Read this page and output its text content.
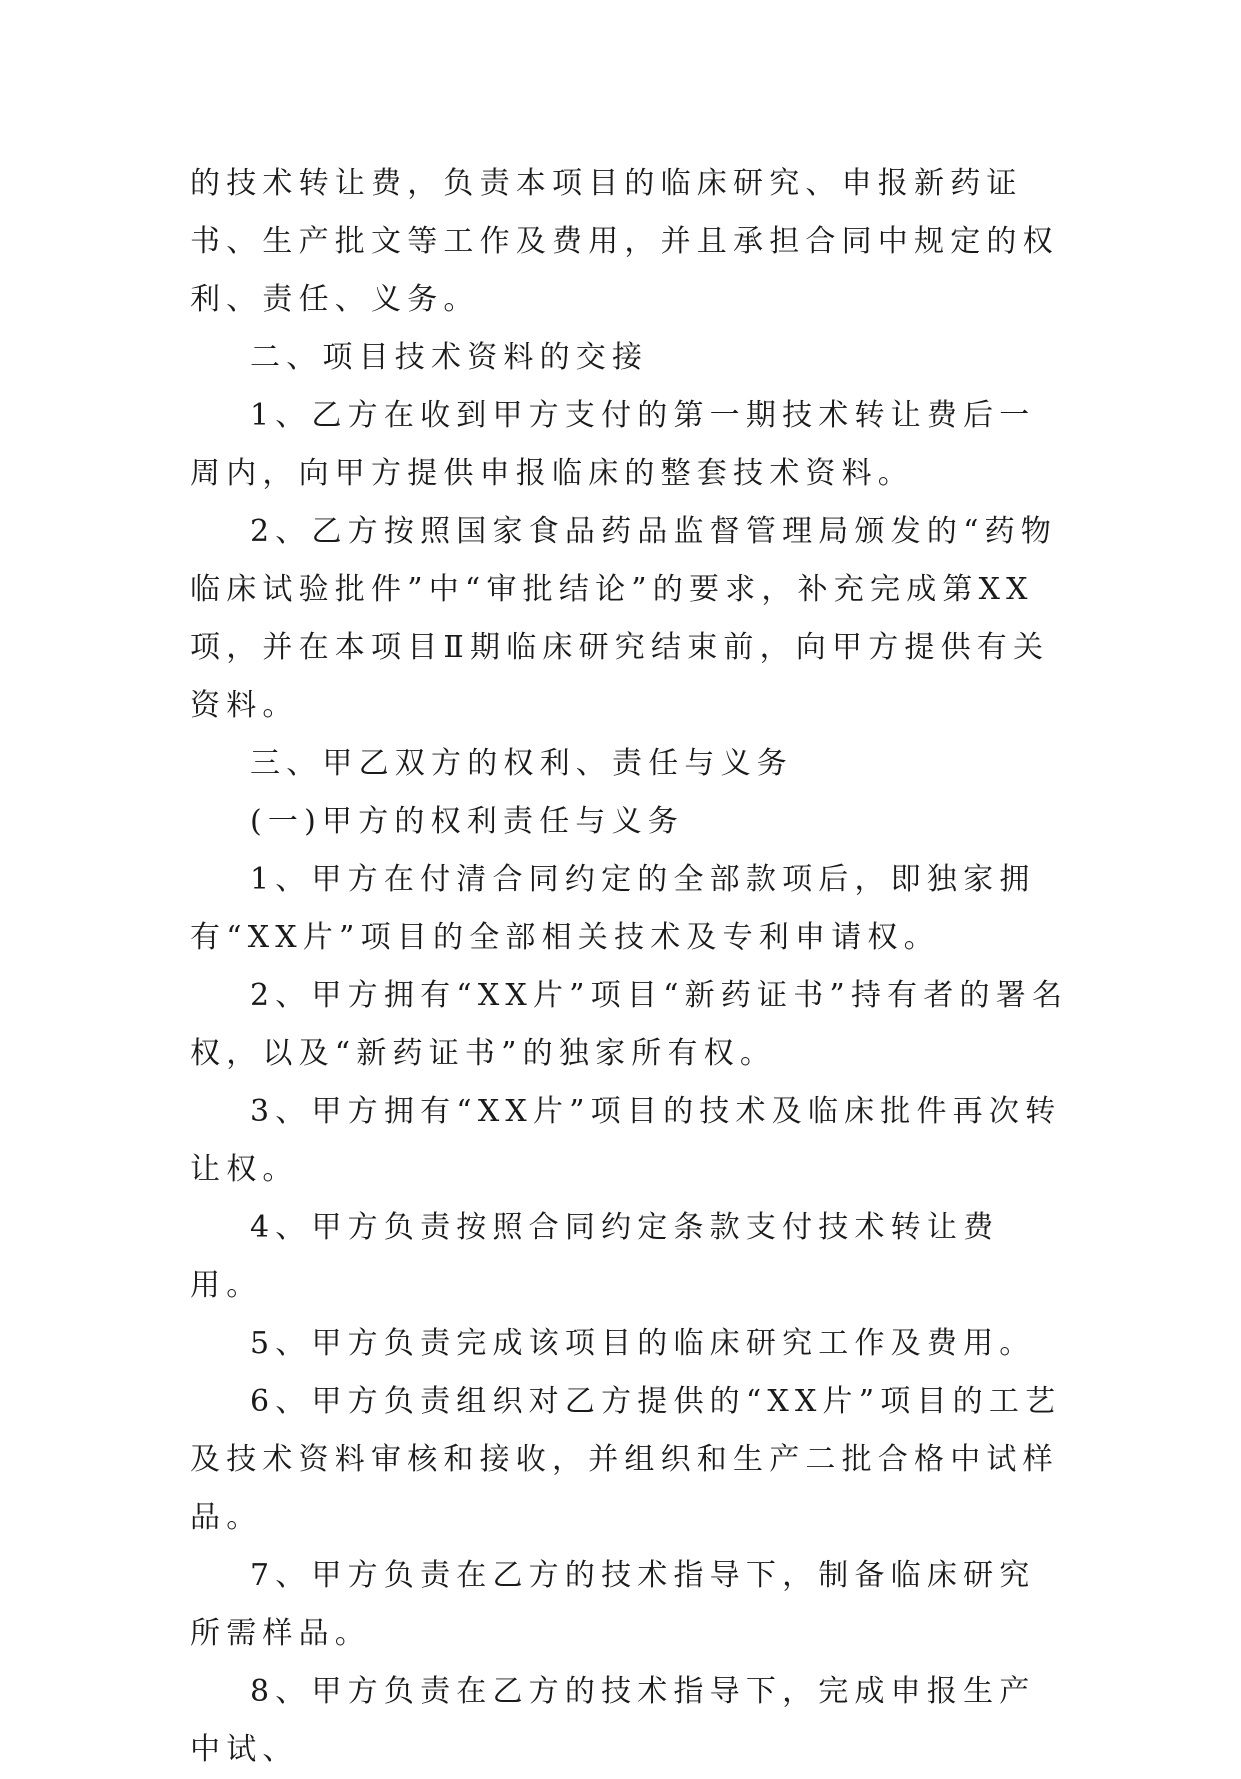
的技术转让费，负责本项目的临床研究、申报新药证书、生产批文等工作及费用，并且承担合同中规定的权利、责任、义务。

二、项目技术资料的交接

1、乙方在收到甲方支付的第一期技术转让费后一周内，向甲方提供申报临床的整套技术资料。

2、乙方按照国家食品药品监督管理局颁发的“药物临床试验批件”中“审批结论”的要求，补充完成第XX项，并在本项目Ⅱ期临床研究结束前，向甲方提供有关资料。

三、甲乙双方的权利、责任与义务

(一)甲方的权利责任与义务

1、甲方在付清合同约定的全部款项后，即独家拥有“XX片”项目的全部相关技术及专利申请权。

2、甲方拥有“XX片”项目“新药证书”持有者的署名权，以及“新药证书”的独家所有权。

3、甲方拥有“XX片”项目的技术及临床批件再次转让权。

4、甲方负责按照合同约定条款支付技术转让费用。

5、甲方负责完成该项目的临床研究工作及费用。

6、甲方负责组织对乙方提供的“XX片”项目的工艺及技术资料审核和接收，并组织和生产二批合格中试样品。

7、甲方负责在乙方的技术指导下，制备临床研究所需样品。

8、甲方负责在乙方的技术指导下，完成申报生产中试、
